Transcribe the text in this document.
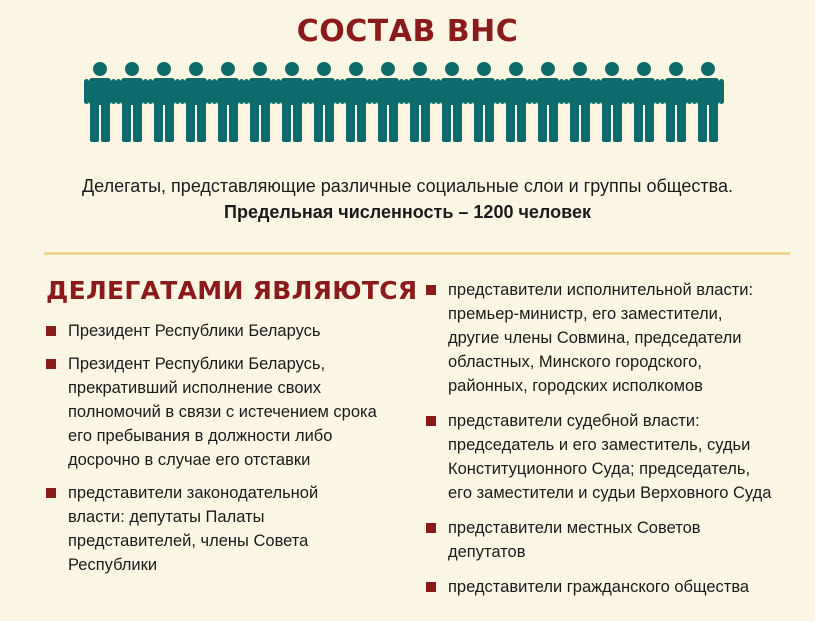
СОСТАВ ВНС
Делегаты, представляющие различные социальные слои и группы общества.
Предельная численность – 1200 человек
ДЕЛЕГАТАМИ ЯВЛЯЮТСЯ
Президент Республики Беларусь
Президент Республики Беларусь,
прекративший исполнение своих
полномочий в связи с истечением срока
его пребывания в должности либо
досрочно в случае его отставки
представители законодательной
власти: депутаты Палаты
представителей, члены Совета
Республики
представители исполнительной власти:
премьер-министр, его заместители,
другие члены Совмина, председатели
областных, Минского городского,
районных, городских исполкомов
представители судебной власти:
председатель и его заместитель, судьи
Конституционного Суда; председатель,
его заместители и судьи Верховного Суда
представители местных Советов
депутатов
представители гражданского общества
